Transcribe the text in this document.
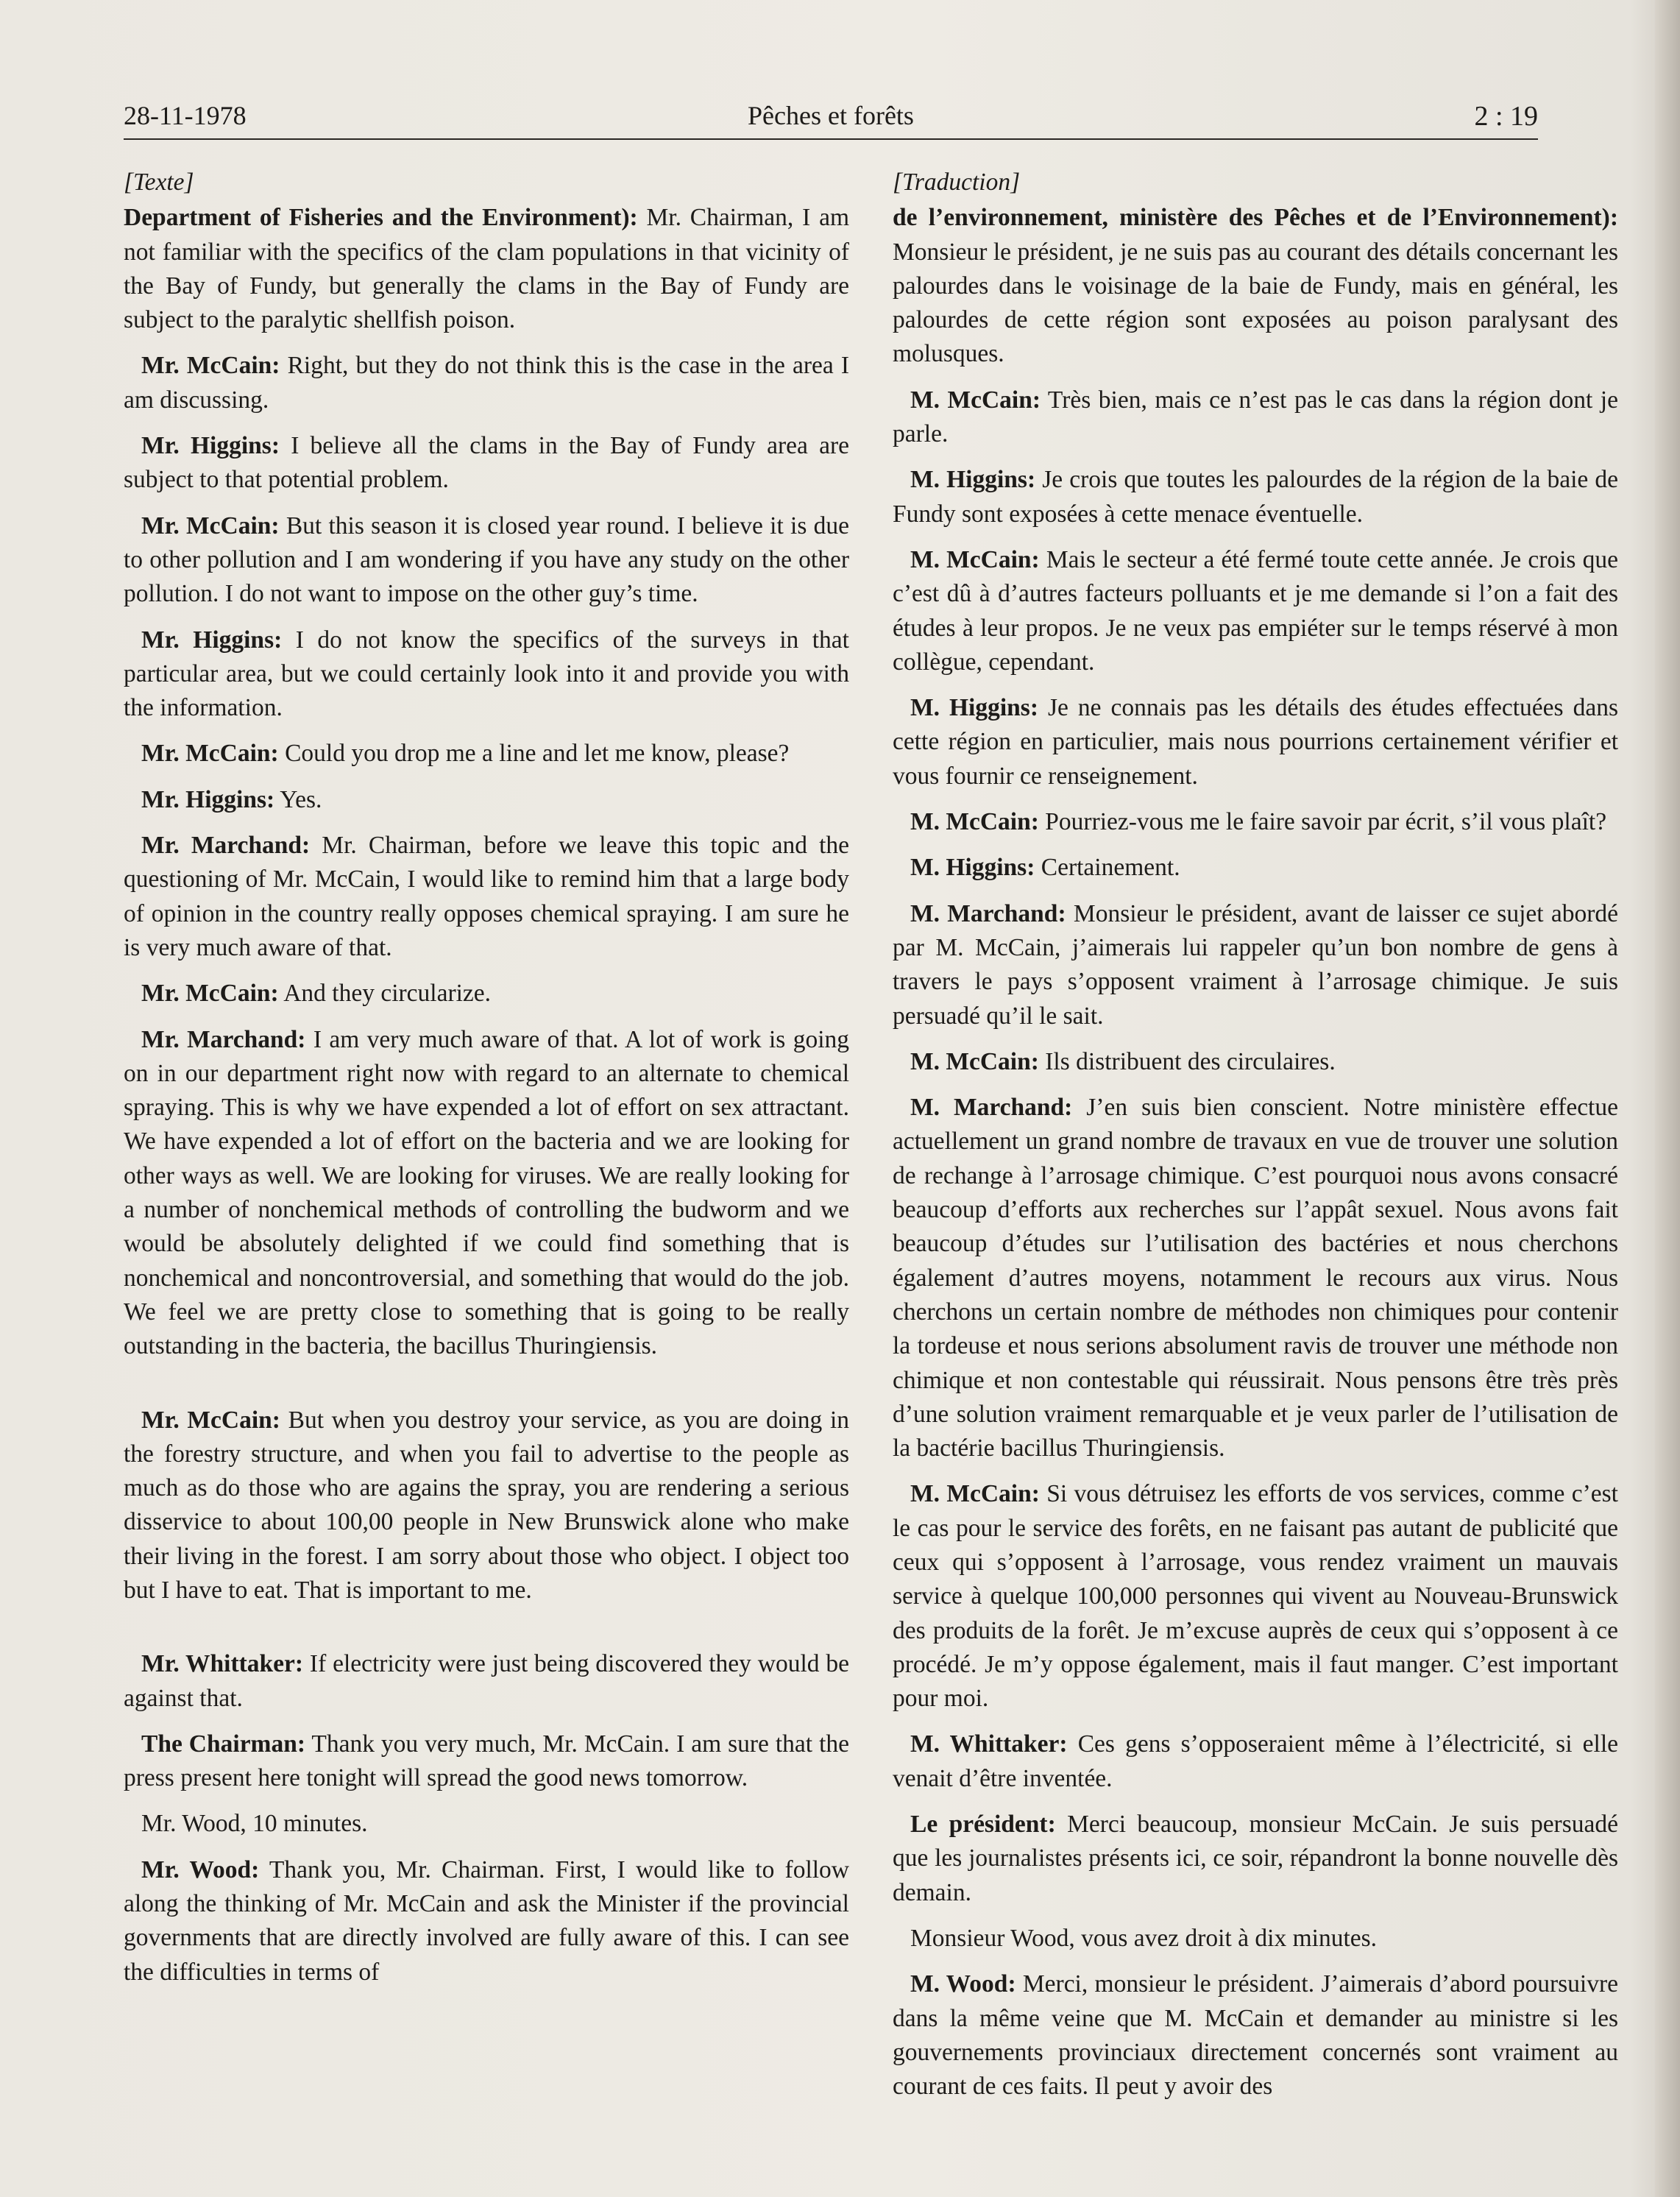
28-11-1978	Pêches et forêts	2 : 19
[Texte]

Department of Fisheries and the Environment): Mr. Chairman, I am not familiar with the specifics of the clam populations in that vicinity of the Bay of Fundy, but generally the clams in the Bay of Fundy are subject to the paralytic shellfish poison.

Mr. McCain: Right, but they do not think this is the case in the area I am discussing.

Mr. Higgins: I believe all the clams in the Bay of Fundy area are subject to that potential problem.

Mr. McCain: But this season it is closed year round. I believe it is due to other pollution and I am wondering if you have any study on the other pollution. I do not want to impose on the other guy’s time.

Mr. Higgins: I do not know the specifics of the surveys in that particular area, but we could certainly look into it and provide you with the information.

Mr. McCain: Could you drop me a line and let me know, please?

Mr. Higgins: Yes.

Mr. Marchand: Mr. Chairman, before we leave this topic and the questioning of Mr. McCain, I would like to remind him that a large body of opinion in the country really opposes chemical spraying. I am sure he is very much aware of that.

Mr. McCain: And they circularize.

Mr. Marchand: I am very much aware of that. A lot of work is going on in our department right now with regard to an alternate to chemical spraying. This is why we have expended a lot of effort on sex attractant. We have expended a lot of effort on the bacteria and we are looking for other ways as well. We are looking for viruses. We are really looking for a number of nonchemical methods of controlling the budworm and we would be absolutely delighted if we could find something that is nonchemical and noncontroversial, and something that would do the job. We feel we are pretty close to something that is going to be really outstanding in the bacteria, the bacillus Thuringiensis.

Mr. McCain: But when you destroy your service, as you are doing in the forestry structure, and when you fail to advertise to the people as much as do those who are agains the spray, you are rendering a serious disservice to about 100,00 people in New Brunswick alone who make their living in the forest. I am sorry about those who object. I object too but I have to eat. That is important to me.

Mr. Whittaker: If electricity were just being discovered they would be against that.

The Chairman: Thank you very much, Mr. McCain. I am sure that the press present here tonight will spread the good news tomorrow.

Mr. Wood, 10 minutes.

Mr. Wood: Thank you, Mr. Chairman. First, I would like to follow along the thinking of Mr. McCain and ask the Minister if the provincial governments that are directly involved are fully aware of this. I can see the difficulties in terms of

[Traduction]

de l’environnement, ministère des Pêches et de l’Environnement): Monsieur le président, je ne suis pas au courant des détails concernant les palourdes dans le voisinage de la baie de Fundy, mais en général, les palourdes de cette région sont exposées au poison paralysant des molusques.

M. McCain: Très bien, mais ce n’est pas le cas dans la région dont je parle.

M. Higgins: Je crois que toutes les palourdes de la région de la baie de Fundy sont exposées à cette menace éventuelle.

M. McCain: Mais le secteur a été fermé toute cette année. Je crois que c’est dû à d’autres facteurs polluants et je me demande si l’on a fait des études à leur propos. Je ne veux pas empiéter sur le temps réservé à mon collègue, cependant.

M. Higgins: Je ne connais pas les détails des études effectuées dans cette région en particulier, mais nous pourrions certainement vérifier et vous fournir ce renseignement.

M. McCain: Pourriez-vous me le faire savoir par écrit, s’il vous plaît?

M. Higgins: Certainement.

M. Marchand: Monsieur le président, avant de laisser ce sujet abordé par M. McCain, j’aimerais lui rappeler qu’un bon nombre de gens à travers le pays s’opposent vraiment à l’arrosage chimique. Je suis persuadé qu’il le sait.

M. McCain: Ils distribuent des circulaires.

M. Marchand: J’en suis bien conscient. Notre ministère effectue actuellement un grand nombre de travaux en vue de trouver une solution de rechange à l’arrosage chimique. C’est pourquoi nous avons consacré beaucoup d’efforts aux recherches sur l’appât sexuel. Nous avons fait beaucoup d’études sur l’utilisation des bactéries et nous cherchons également d’autres moyens, notamment le recours aux virus. Nous cherchons un certain nombre de méthodes non chimiques pour contenir la tordeuse et nous serions absolument ravis de trouver une méthode non chimique et non contestable qui réussirait. Nous pensons être très près d’une solution vraiment remarquable et je veux parler de l’utilisation de la bactérie bacillus Thuringiensis.

M. McCain: Si vous détruisez les efforts de vos services, comme c’est le cas pour le service des forêts, en ne faisant pas autant de publicité que ceux qui s’opposent à l’arrosage, vous rendez vraiment un mauvais service à quelque 100,000 personnes qui vivent au Nouveau-Brunswick des produits de la forêt. Je m’excuse auprès de ceux qui s’opposent à ce procédé. Je m’y oppose également, mais il faut manger. C’est important pour moi.

M. Whittaker: Ces gens s’opposeraient même à l’électricité, si elle venait d’être inventée.

Le président: Merci beaucoup, monsieur McCain. Je suis persuadé que les journalistes présents ici, ce soir, répandront la bonne nouvelle dès demain.

Monsieur Wood, vous avez droit à dix minutes.

M. Wood: Merci, monsieur le président. J’aimerais d’abord poursuivre dans la même veine que M. McCain et demander au ministre si les gouvernements provinciaux directement concernés sont vraiment au courant de ces faits. Il peut y avoir des
